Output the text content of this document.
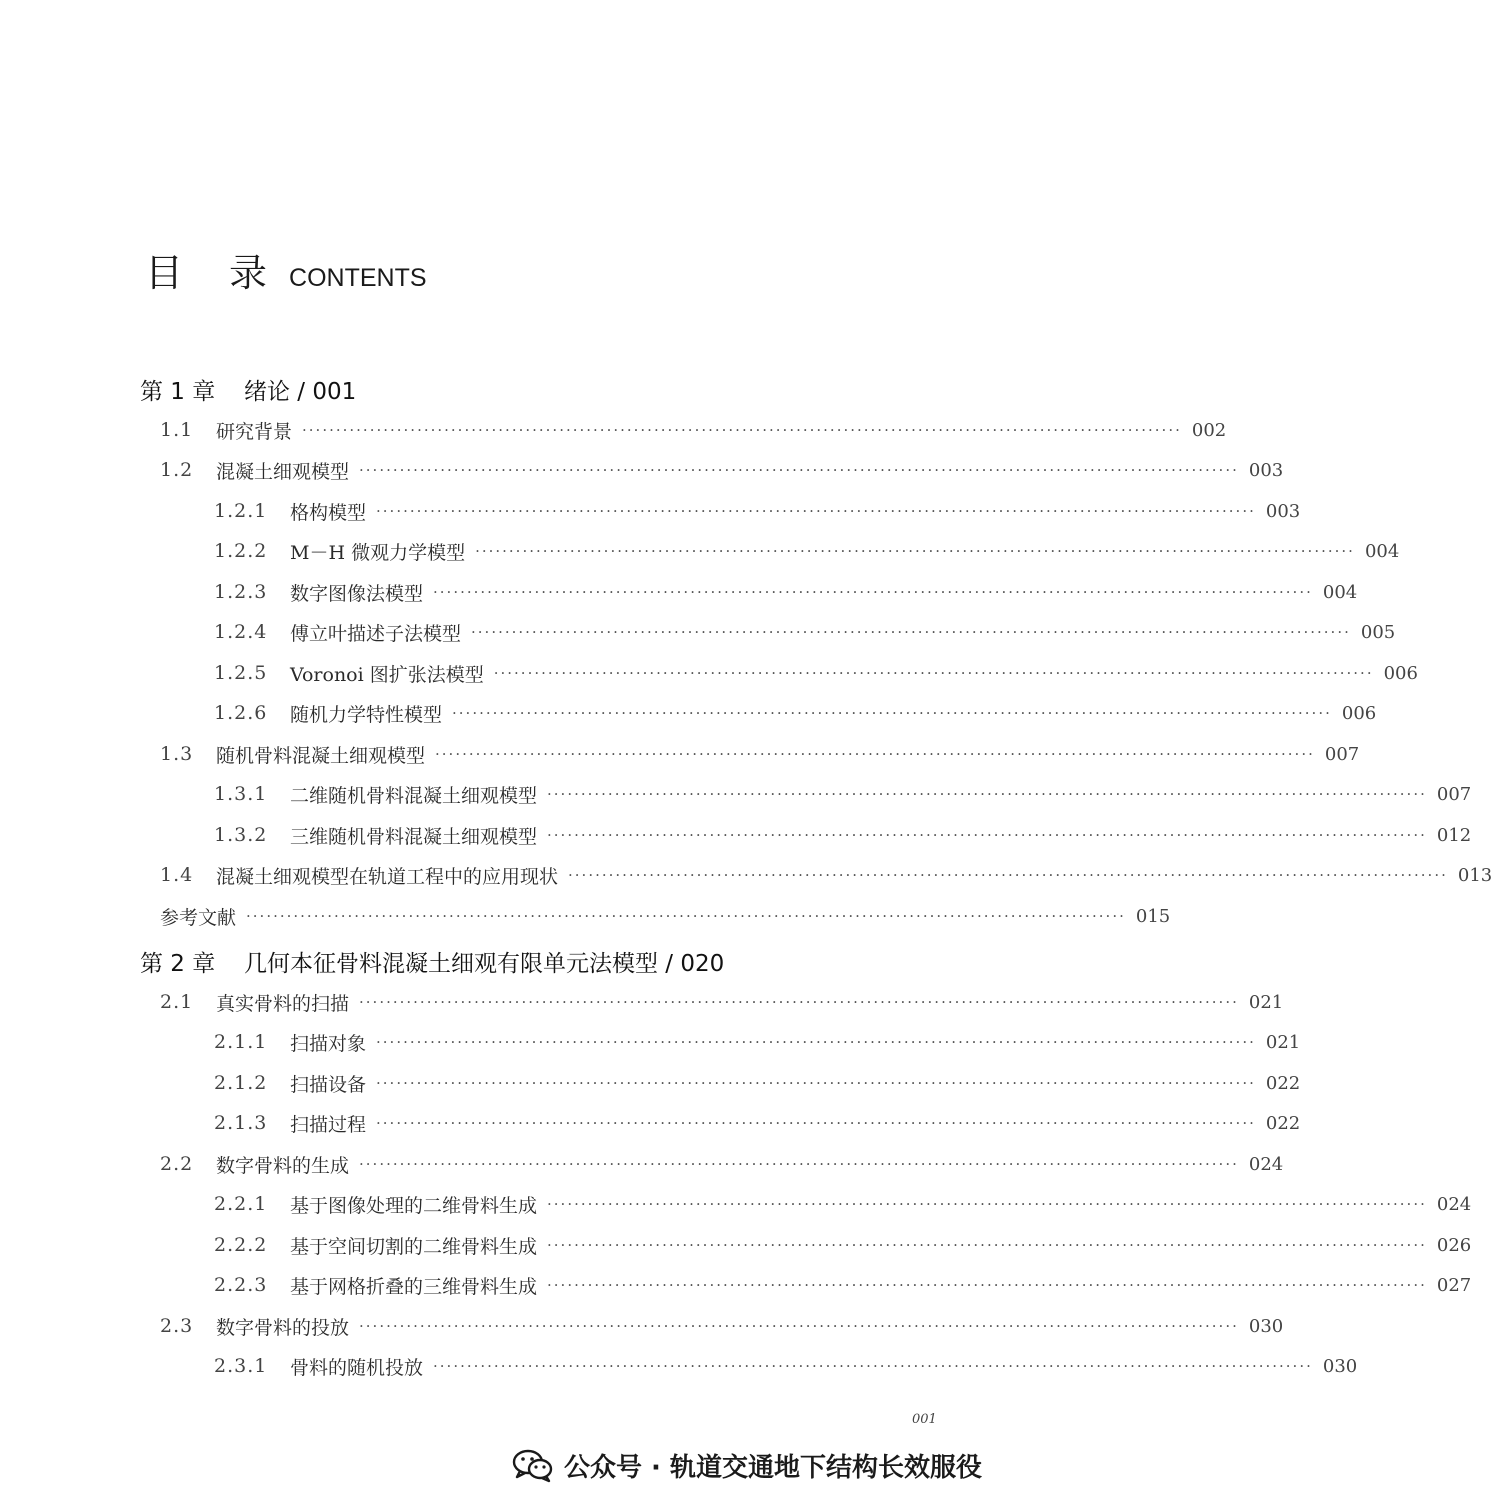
目录
CONTENTS
第 1 章 绪论 / 001
1.1	研究背景 ·································································································································· 002
1.2	混凝土细观模型 ·································································································································· 003
1.2.1	格构模型 ·································································································································· 003
1.2.2	M－H 微观力学模型 ·································································································································· 004
1.2.3	数字图像法模型 ·································································································································· 004
1.2.4	傅立叶描述子法模型 ·································································································································· 005
1.2.5	Voronoi 图扩张法模型 ·································································································································· 006
1.2.6	随机力学特性模型 ·································································································································· 006
1.3	随机骨料混凝土细观模型 ·································································································································· 007
1.3.1	二维随机骨料混凝土细观模型 ·································································································································· 007
1.3.2	三维随机骨料混凝土细观模型 ·································································································································· 012
1.4	混凝土细观模型在轨道工程中的应用现状 ·································································································································· 013
参考文献 ·································································································································· 015
第 2 章 几何本征骨料混凝土细观有限单元法模型 / 020
2.1	真实骨料的扫描 ·································································································································· 021
2.1.1	扫描对象 ·································································································································· 021
2.1.2	扫描设备 ·································································································································· 022
2.1.3	扫描过程 ·································································································································· 022
2.2	数字骨料的生成 ·································································································································· 024
2.2.1	基于图像处理的二维骨料生成 ·································································································································· 024
2.2.2	基于空间切割的二维骨料生成 ·································································································································· 026
2.2.3	基于网格折叠的三维骨料生成 ·································································································································· 027
2.3	数字骨料的投放 ·································································································································· 030
2.3.1	骨料的随机投放 ·································································································································· 030
001
公众号 · 轨道交通地下结构长效服役
